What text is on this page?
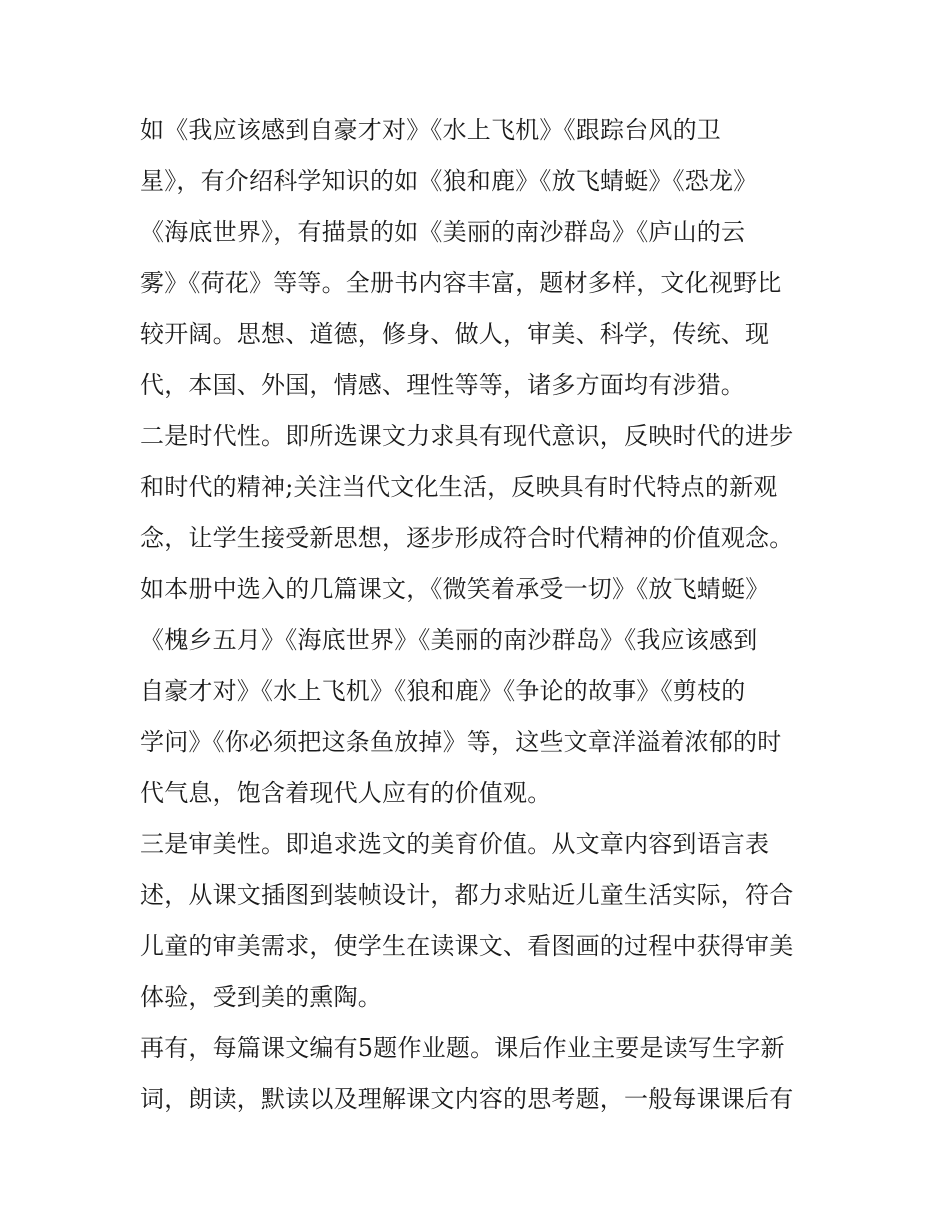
如《我应该感到自豪才对》《水上飞机》《跟踪台风的卫
星》，有介绍科学知识的如《狼和鹿》《放飞蜻蜓》《恐龙》
《海底世界》，有描景的如《美丽的南沙群岛》《庐山的云
雾》《荷花》等等。全册书内容丰富，题材多样，文化视野比
较开阔。思想、道德，修身、做人，审美、科学，传统、现
代，本国、外国，情感、理性等等，诸多方面均有涉猎。
二是时代性。即所选课文力求具有现代意识，反映时代的进步
和时代的精神;关注当代文化生活，反映具有时代特点的新观
念，让学生接受新思想，逐步形成符合时代精神的价值观念。
如本册中选入的几篇课文，《微笑着承受一切》《放飞蜻蜓》
《槐乡五月》《海底世界》《美丽的南沙群岛》《我应该感到
自豪才对》《水上飞机》《狼和鹿》《争论的故事》《剪枝的
学问》《你必须把这条鱼放掉》等，这些文章洋溢着浓郁的时
代气息，饱含着现代人应有的价值观。
三是审美性。即追求选文的美育价值。从文章内容到语言表
述，从课文插图到装帧设计，都力求贴近儿童生活实际，符合
儿童的审美需求，使学生在读课文、看图画的过程中获得审美
体验，受到美的熏陶。
再有，每篇课文编有5题作业题。课后作业主要是读写生字新
词，朗读，默读以及理解课文内容的思考题，一般每课课后有
